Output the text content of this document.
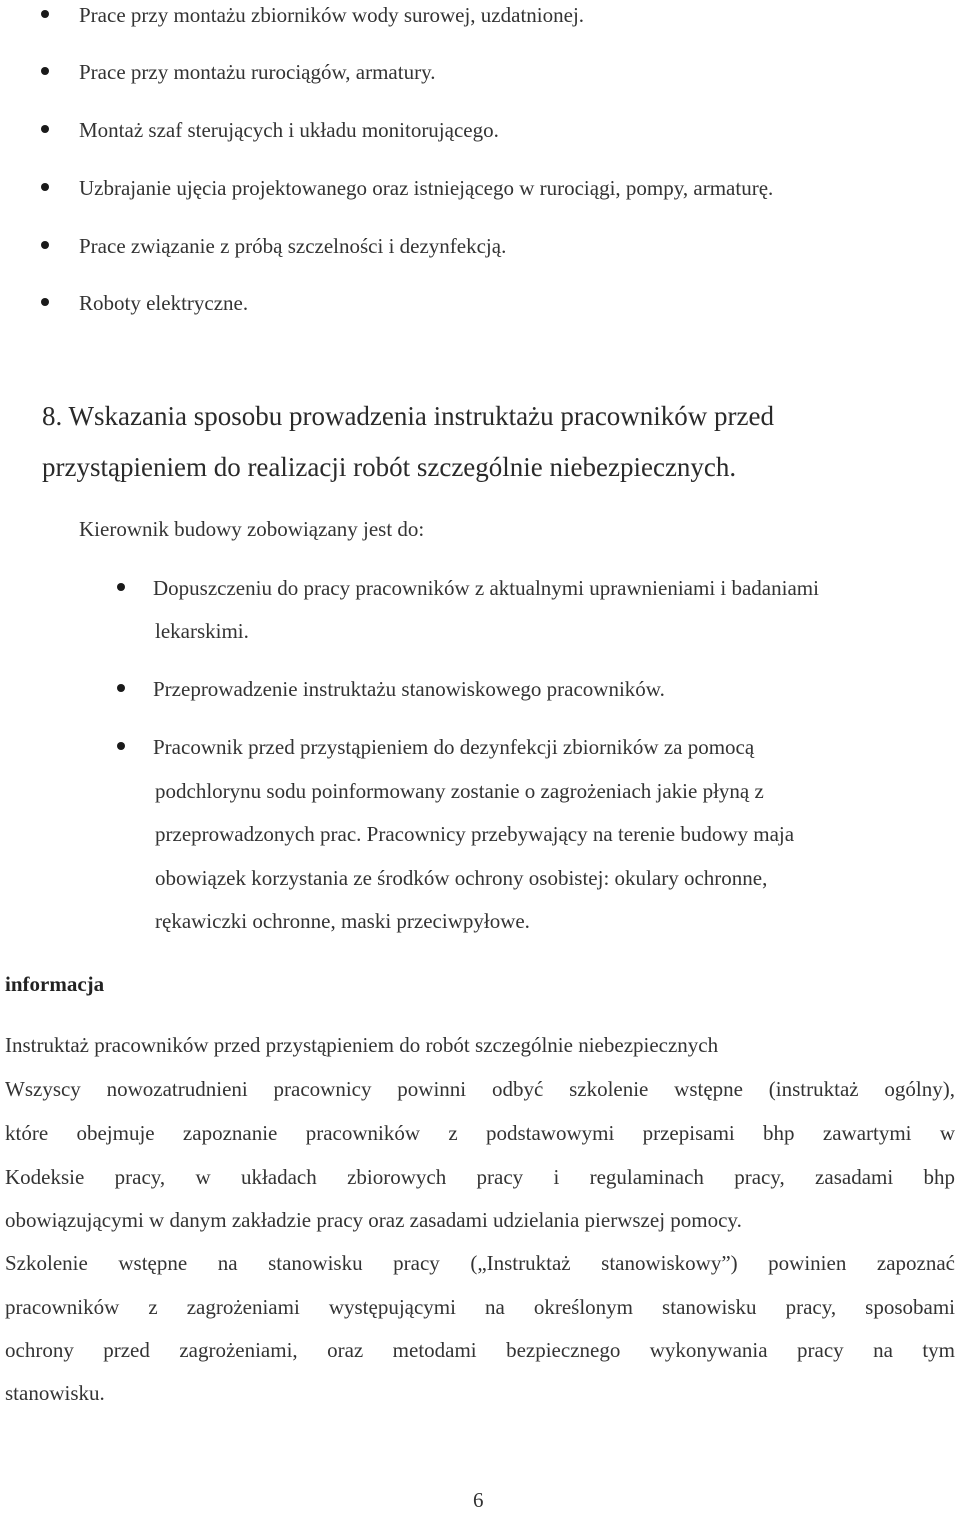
Prace przy montażu zbiorników wody surowej, uzdatnionej.
Prace przy montażu rurociągów, armatury.
Montaż szaf sterujących i układu monitorującego.
Uzbrajanie ujęcia projektowanego oraz istniejącego w rurociągi, pompy, armaturę.
Prace związanie z próbą szczelności i dezynfekcją.
Roboty elektryczne.
8. Wskazania sposobu prowadzenia instruktażu pracowników przed
przystąpieniem do realizacji robót szczególnie niebezpiecznych.
Kierownik budowy zobowiązany jest do:
Dopuszczeniu do pracy pracowników z aktualnymi uprawnieniami i badaniami
lekarskimi.
Przeprowadzenie instruktażu stanowiskowego pracowników.
Pracownik przed przystąpieniem do dezynfekcji zbiorników za pomocą
podchlorynu sodu poinformowany zostanie o zagrożeniach jakie płyną z
przeprowadzonych prac. Pracownicy przebywający na terenie budowy maja
obowiązek korzystania ze środków ochrony osobistej: okulary ochronne,
rękawiczki ochronne, maski przeciwpyłowe.
informacja
Instruktaż pracowników przed przystąpieniem do robót szczególnie niebezpiecznych
Wszyscy nowozatrudnieni pracownicy powinni odbyć szkolenie wstępne (instruktaż ogólny),
które obejmuje zapoznanie pracowników z podstawowymi przepisami bhp zawartymi w
Kodeksie pracy, w układach zbiorowych pracy i regulaminach pracy, zasadami bhp
obowiązującymi w danym zakładzie pracy oraz zasadami udzielania pierwszej pomocy.
Szkolenie wstępne na stanowisku pracy („Instruktaż stanowiskowy”) powinien zapoznać
pracowników z zagrożeniami występującymi na określonym stanowisku pracy, sposobami
ochrony przed zagrożeniami, oraz metodami bezpiecznego wykonywania pracy na tym
stanowisku.
6
